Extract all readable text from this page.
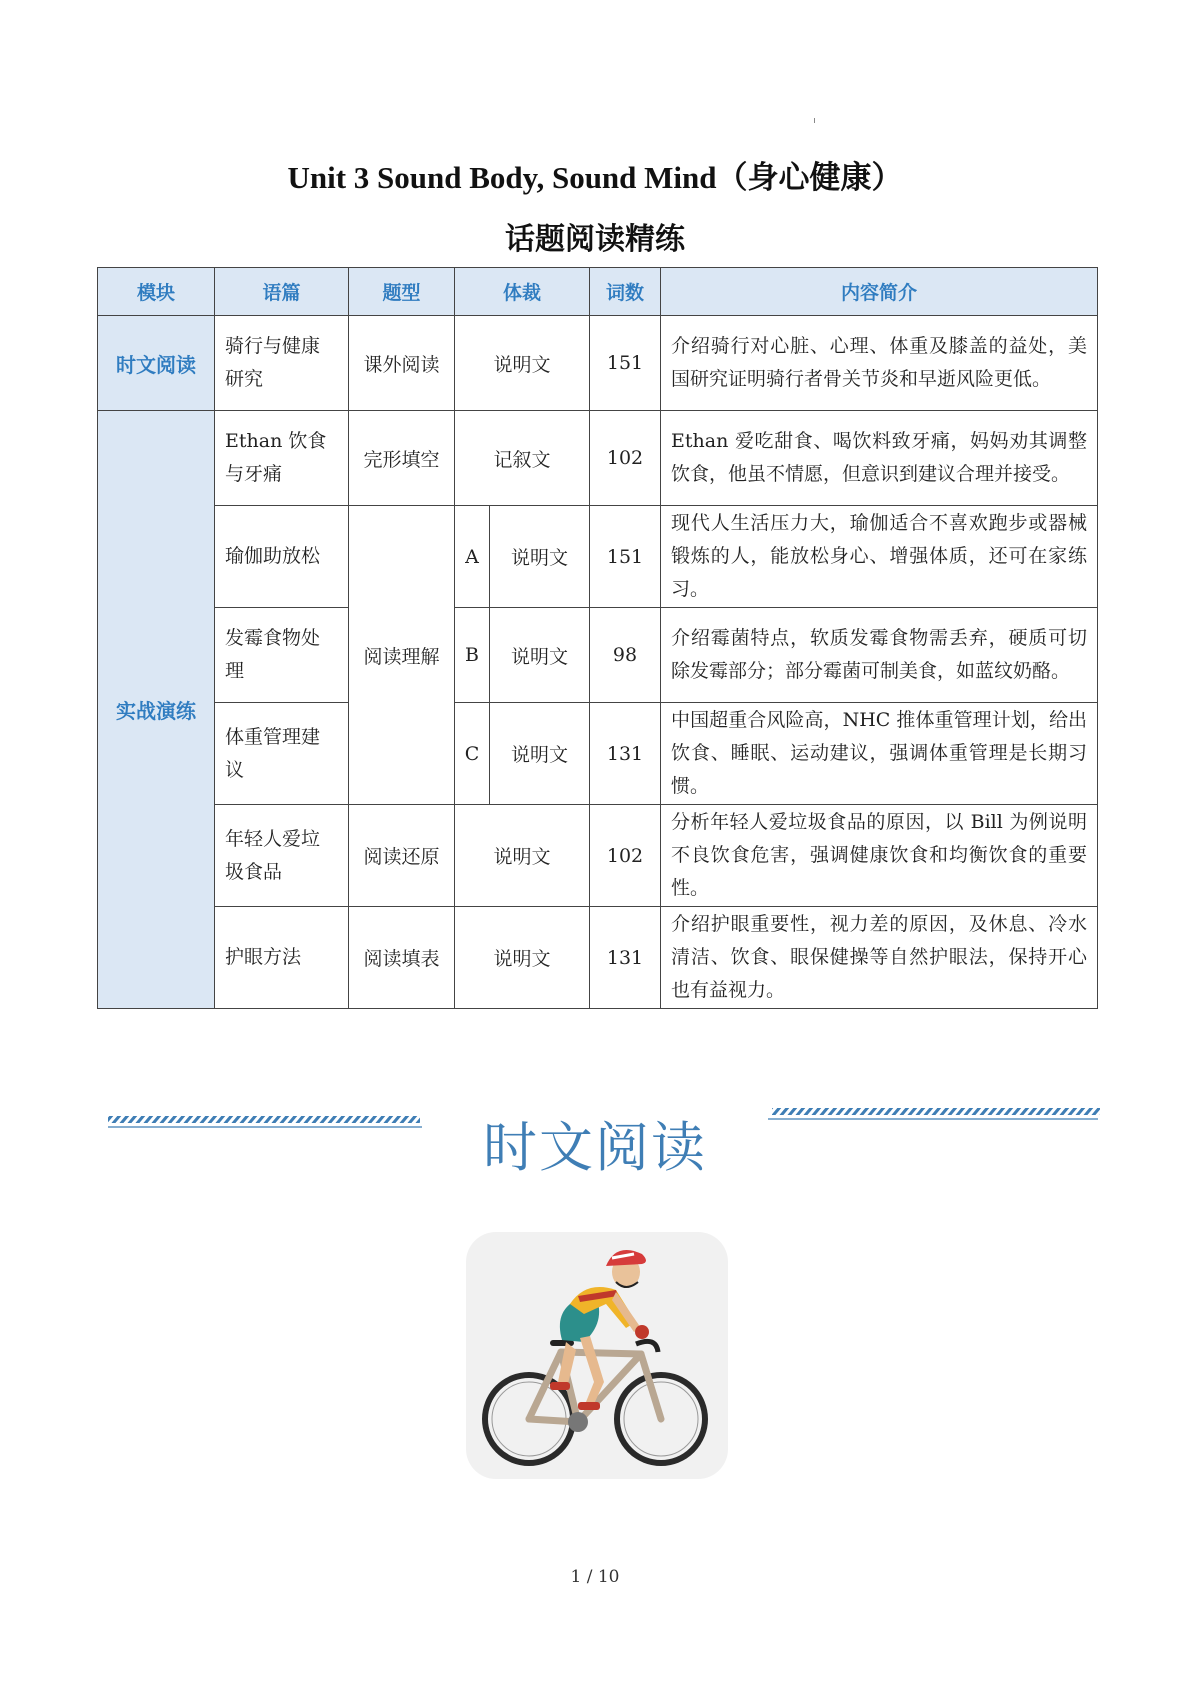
Unit 3 Sound Body, Sound Mind（身心健康）
话题阅读精练
模块	语篇	题型	体裁		词数	内容简介
时文阅读	骑行与健康研究	课外阅读	说明文		151	介绍骑行对心脏、心理、体重及膝盖的益处，美国研究证明骑行者骨关节炎和早逝风险更低。
实战演练	Ethan 饮食与牙痛	完形填空	记叙文		102	Ethan 爱吃甜食、喝饮料致牙痛，妈妈劝其调整饮食，他虽不情愿，但意识到建议合理并接受。
	瑜伽助放松	阅读理解	A	说明文	151	现代人生活压力大，瑜伽适合不喜欢跑步或器械锻炼的人，能放松身心、增强体质，还可在家练习。
	发霉食物处理		B	说明文	98	介绍霉菌特点，软质发霉食物需丢弃，硬质可切除发霉部分；部分霉菌可制美食，如蓝纹奶酪。
	体重管理建议		C	说明文	131	中国超重合风险高，NHC 推体重管理计划，给出饮食、睡眠、运动建议，强调体重管理是长期习惯。
	年轻人爱垃圾食品	阅读还原	说明文		102	分析年轻人爱垃圾食品的原因，以 Bill 为例说明不良饮食危害，强调健康饮食和均衡饮食的重要性。
	护眼方法	阅读填表	说明文		131	介绍护眼重要性，视力差的原因，及休息、冷水清洁、饮食、眼保健操等自然护眼法，保持开心也有益视力。
时文阅读
1 / 10
